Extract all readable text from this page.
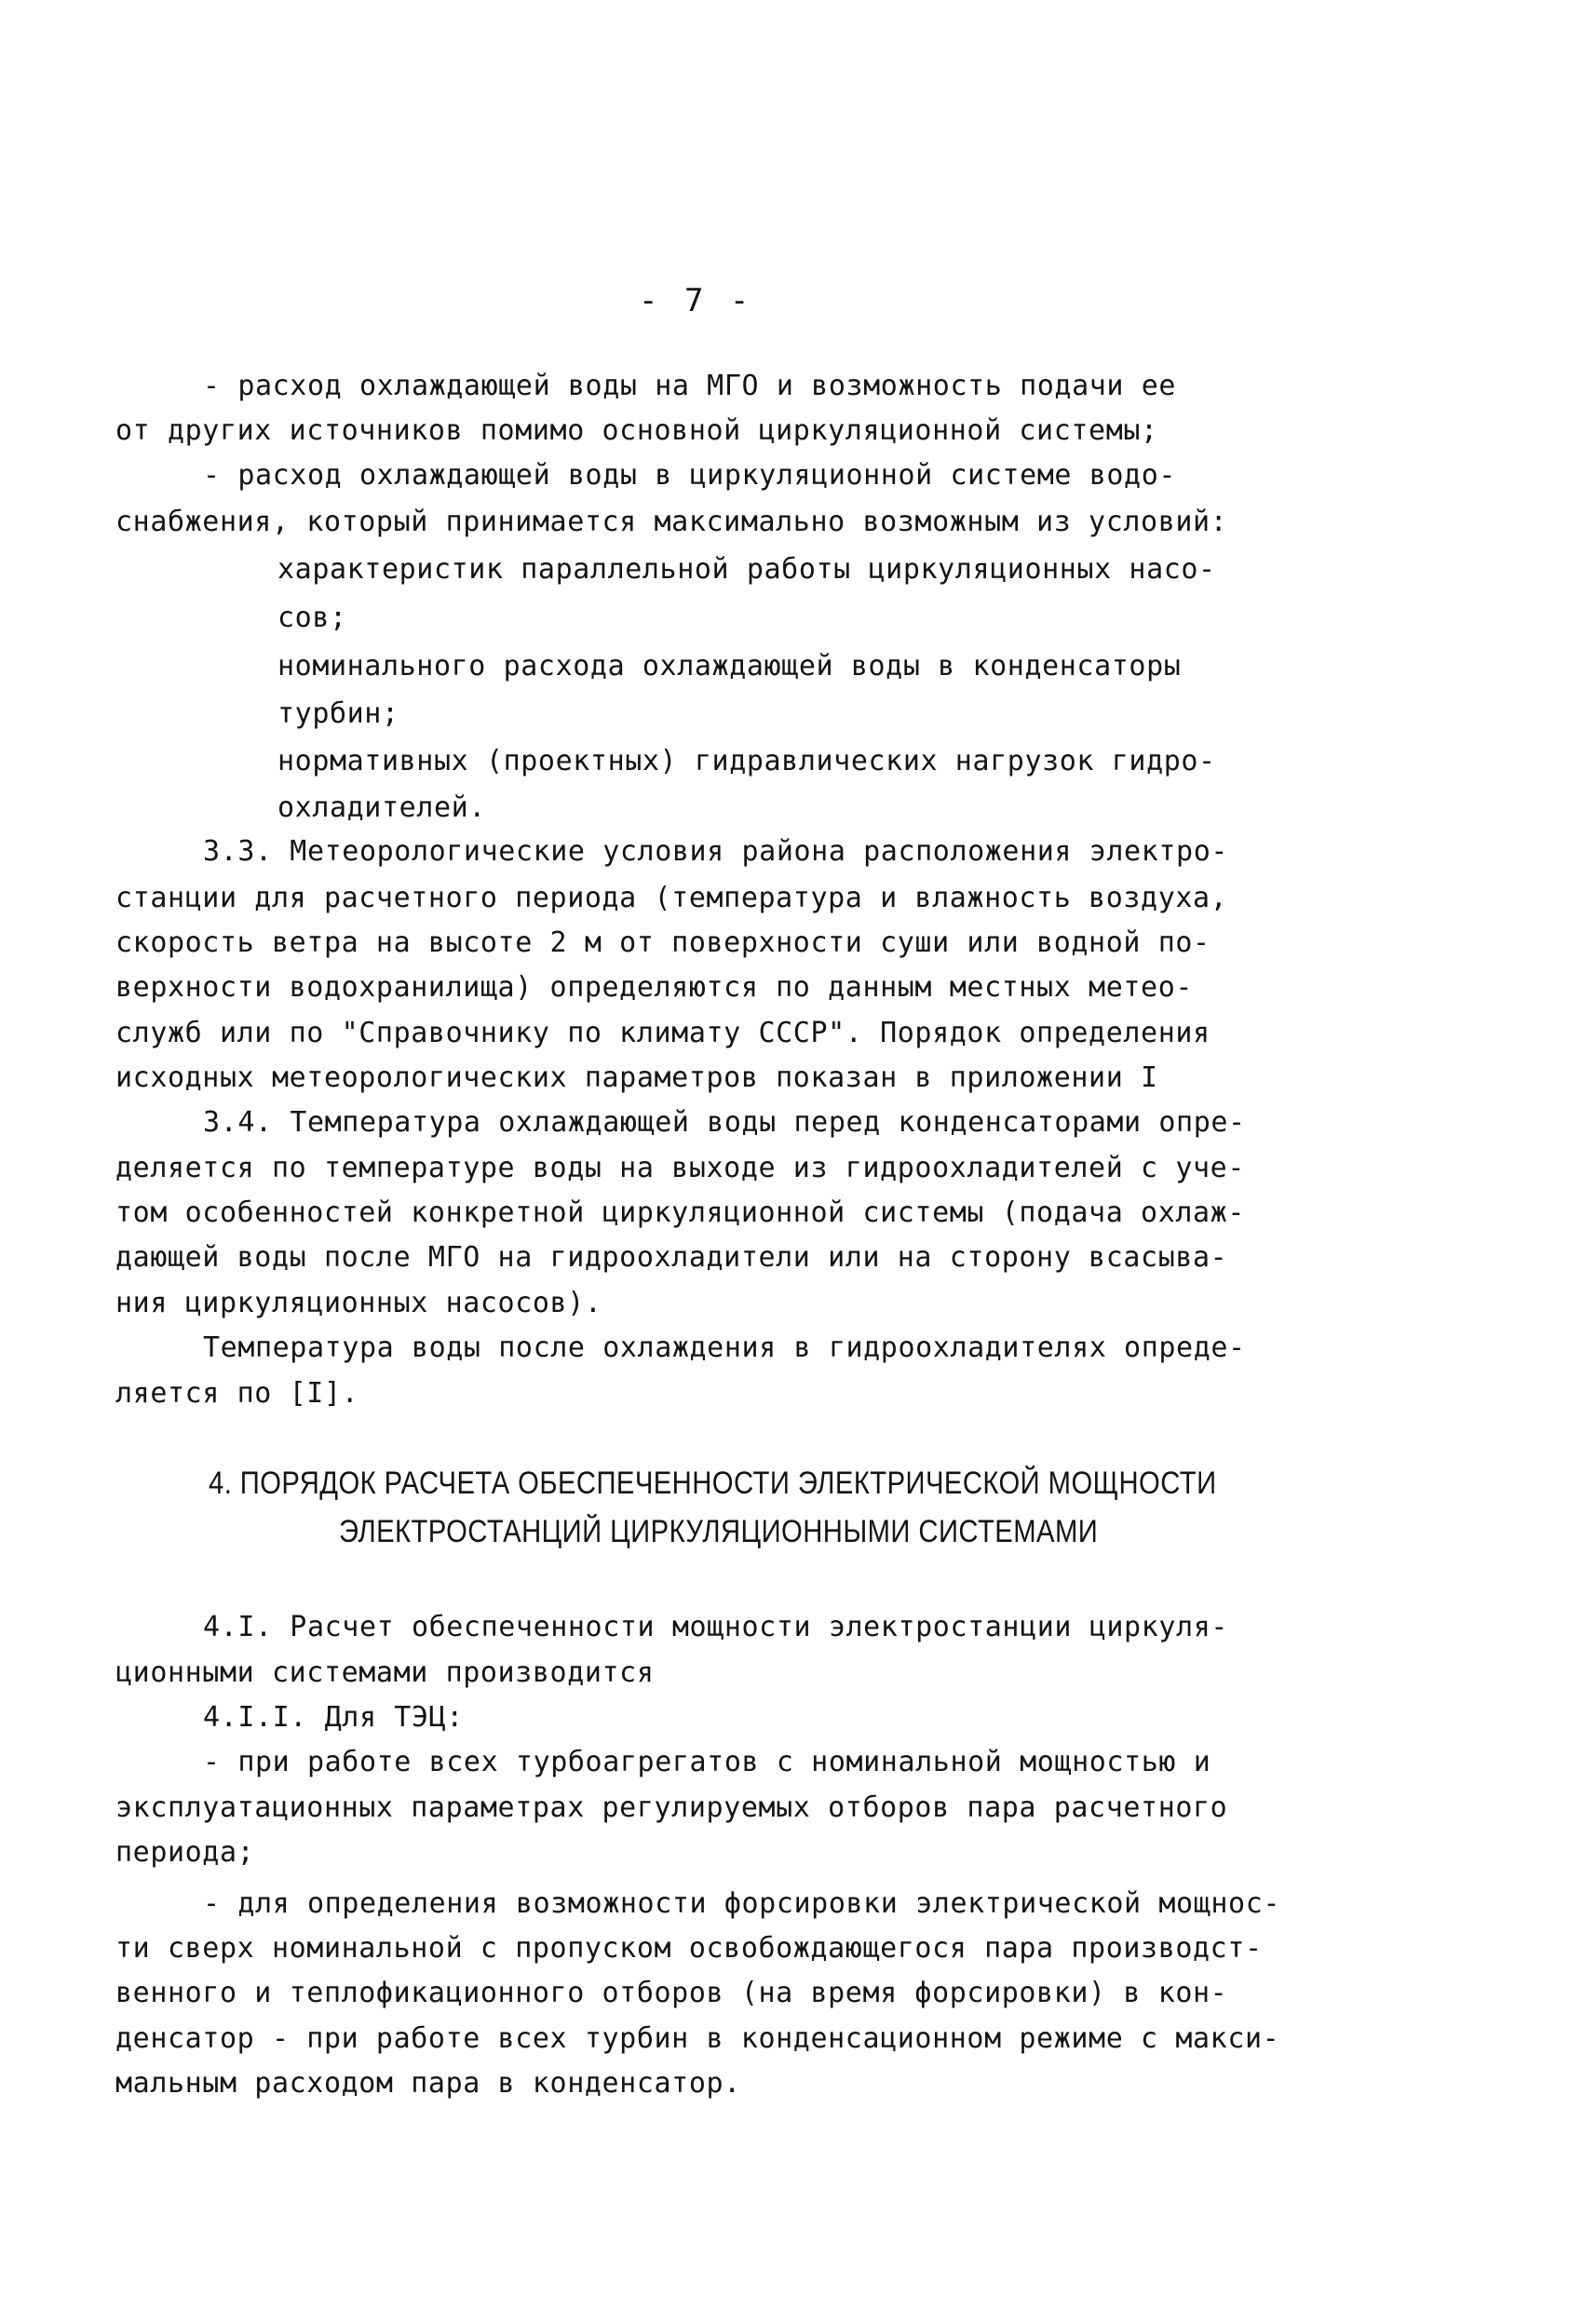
- 7 -
- расход охлаждающей воды на МГО и возможность подачи ее
от других источников помимо основной циркуляционной системы;
- расход охлаждающей воды в циркуляционной системе водо-
снабжения, который принимается максимально возможным из условий:
характеристик параллельной работы циркуляционных насо-
сов;
номинального расхода охлаждающей воды в конденсаторы
турбин;
нормативных (проектных) гидравлических нагрузок гидро-
охладителей.
3.3. Метеорологические условия района расположения электро-
станции для расчетного периода (температура и влажность воздуха,
скорость ветра на высоте 2 м от поверхности суши или водной по-
верхности водохранилища) определяются по данным местных метео-
служб или по "Справочнику по климату СССР". Порядок определения
исходных метеорологических параметров показан в приложении I
3.4. Температура охлаждающей воды перед конденсаторами опре-
деляется по температуре воды на выходе из гидроохладителей с уче-
том особенностей конкретной циркуляционной системы (подача охлаж-
дающей воды после МГО на гидроохладители или на сторону всасыва-
ния циркуляционных насосов).
Температура воды после охлаждения в гидроохладителях опреде-
ляется по [I].
4. ПОРЯДОК РАСЧЕТА ОБЕСПЕЧЕННОСТИ ЭЛЕКТРИЧЕСКОЙ МОЩНОСТИ
ЭЛЕКТРОСТАНЦИЙ ЦИРКУЛЯЦИОННЫМИ СИСТЕМАМИ
4.I. Расчет обеспеченности мощности электростанции циркуля-
ционными системами производится
4.I.I. Для ТЭЦ:
- при работе всех турбоагрегатов с номинальной мощностью и
эксплуатационных параметрах регулируемых отборов пара расчетного
периода;
- для определения возможности форсировки электрической мощнос-
ти сверх номинальной с пропуском освобождающегося пара производст-
венного и теплофикационного отборов (на время форсировки) в кон-
денсатор - при работе всех турбин в конденсационном режиме с макси-
мальным расходом пара в конденсатор.
